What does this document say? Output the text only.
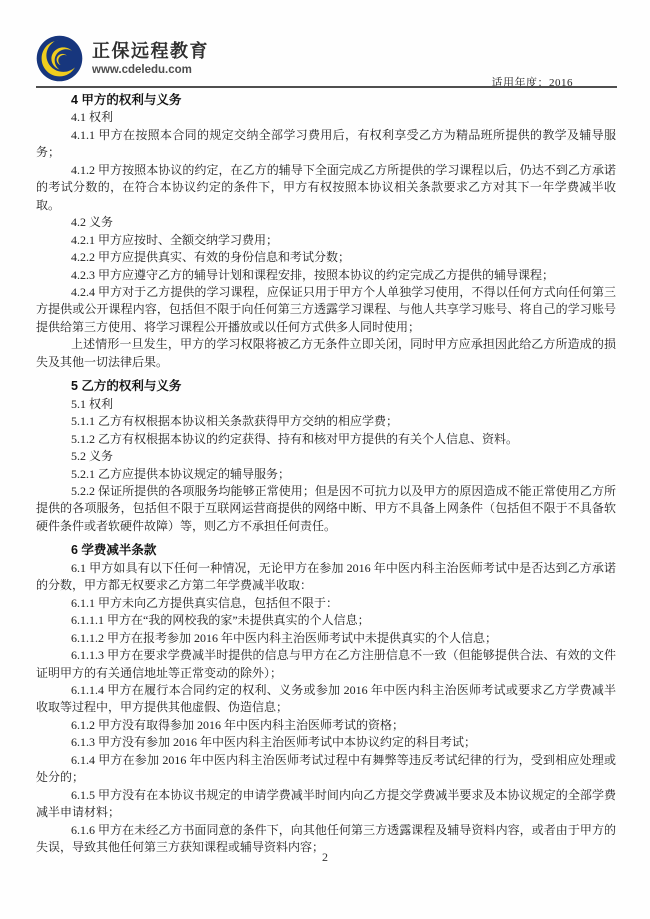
正保远程教育
www.cdeledu.com
适用年度：2016
4 甲方的权利与义务

4.1 权利

4.1.1 甲方在按照本合同的规定交纳全部学习费用后，有权利享受乙方为精品班所提供的教学及辅导服务；

4.1.2 甲方按照本协议的约定，在乙方的辅导下全面完成乙方所提供的学习课程以后，仍达不到乙方承诺的考试分数的，在符合本协议约定的条件下，甲方有权按照本协议相关条款要求乙方对其下一年学费减半收取。

4.2 义务

4.2.1 甲方应按时、全额交纳学习费用；

4.2.2 甲方应提供真实、有效的身份信息和考试分数；

4.2.3 甲方应遵守乙方的辅导计划和课程安排，按照本协议的约定完成乙方提供的辅导课程；

4.2.4 甲方对于乙方提供的学习课程，应保证只用于甲方个人单独学习使用，不得以任何方式向任何第三方提供或公开课程内容，包括但不限于向任何第三方透露学习课程、与他人共享学习账号、将自己的学习账号提供给第三方使用、将学习课程公开播放或以任何方式供多人同时使用；

上述情形一旦发生，甲方的学习权限将被乙方无条件立即关闭，同时甲方应承担因此给乙方所造成的损失及其他一切法律后果。

5 乙方的权利与义务

5.1 权利

5.1.1 乙方有权根据本协议相关条款获得甲方交纳的相应学费；

5.1.2 乙方有权根据本协议的约定获得、持有和核对甲方提供的有关个人信息、资料。

5.2 义务

5.2.1 乙方应提供本协议规定的辅导服务；

5.2.2 保证所提供的各项服务均能够正常使用；但是因不可抗力以及甲方的原因造成不能正常使用乙方所提供的各项服务，包括但不限于互联网运营商提供的网络中断、甲方不具备上网条件（包括但不限于不具备软硬件条件或者软硬件故障）等，则乙方不承担任何责任。

6 学费减半条款

6.1 甲方如具有以下任何一种情况，无论甲方在参加 2016 年中医内科主治医师考试中是否达到乙方承诺的分数，甲方都无权要求乙方第二年学费减半收取：

6.1.1 甲方未向乙方提供真实信息，包括但不限于：

6.1.1.1 甲方在“我的网校我的家”未提供真实的个人信息；

6.1.1.2 甲方在报考参加 2016 年中医内科主治医师考试中未提供真实的个人信息；

6.1.1.3 甲方在要求学费减半时提供的信息与甲方在乙方注册信息不一致（但能够提供合法、有效的文件证明甲方的有关通信地址等正常变动的除外）；

6.1.1.4 甲方在履行本合同约定的权利、义务或参加 2016 年中医内科主治医师考试或要求乙方学费减半收取等过程中，甲方提供其他虚假、伪造信息；

6.1.2 甲方没有取得参加 2016 年中医内科主治医师考试的资格；

6.1.3 甲方没有参加 2016 年中医内科主治医师考试中本协议约定的科目考试；

6.1.4 甲方在参加 2016 年中医内科主治医师考试过程中有舞弊等违反考试纪律的行为，受到相应处理或处分的；

6.1.5 甲方没有在本协议书规定的申请学费减半时间内向乙方提交学费减半要求及本协议规定的全部学费减半申请材料；

6.1.6 甲方在未经乙方书面同意的条件下，向其他任何第三方透露课程及辅导资料内容，或者由于甲方的失误，导致其他任何第三方获知课程或辅导资料内容；

2
